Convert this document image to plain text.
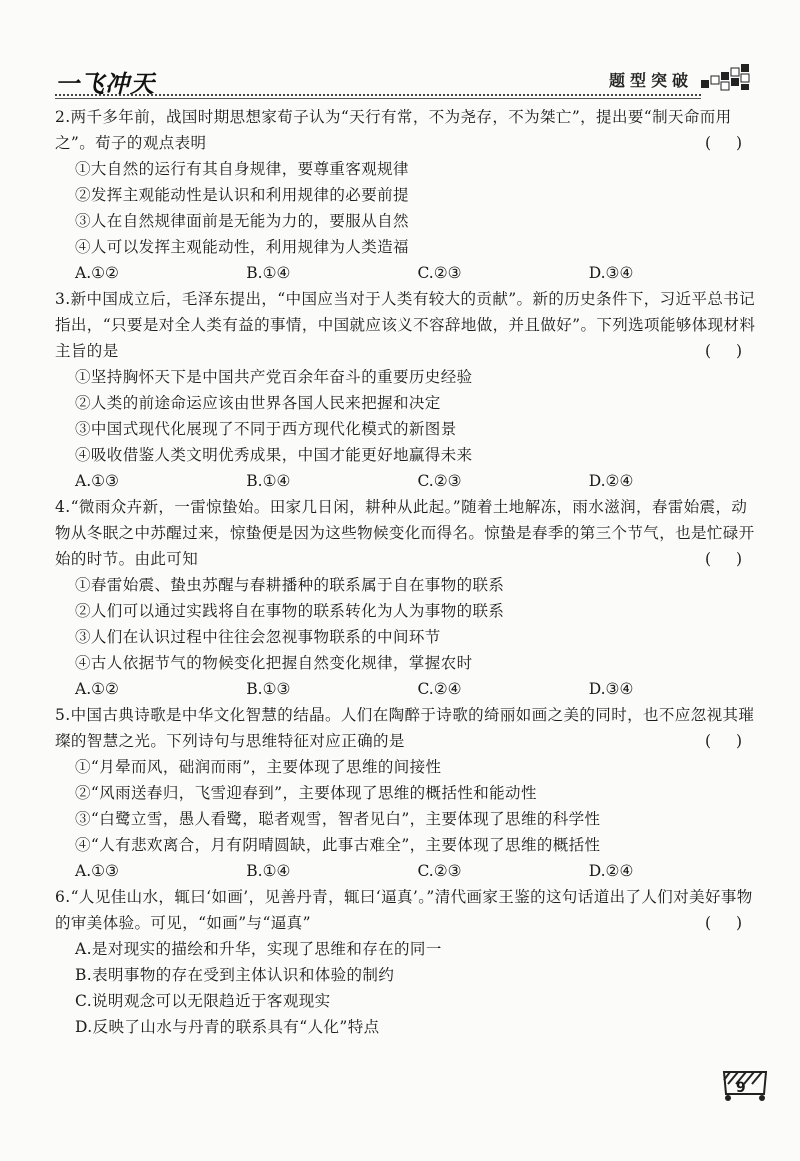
一飞冲天	题型突破
2.两千多年前，战国时期思想家荀子认为“天行有常，不为尧存，不为桀亡”，提出要“制天命而用之”。荀子的观点表明	( )
①大自然的运行有其自身规律，要尊重客观规律
②发挥主观能动性是认识和利用规律的必要前提
③人在自然规律面前是无能为力的，要服从自然
④人可以发挥主观能动性，利用规律为人类造福
A.①②	B.①④	C.②③	D.③④
3.新中国成立后，毛泽东提出，“中国应当对于人类有较大的贡献”。新的历史条件下，习近平总书记指出，“只要是对全人类有益的事情，中国就应该义不容辞地做，并且做好”。下列选项能够体现材料主旨的是	( )
①坚持胸怀天下是中国共产党百余年奋斗的重要历史经验
②人类的前途命运应该由世界各国人民来把握和决定
③中国式现代化展现了不同于西方现代化模式的新图景
④吸收借鉴人类文明优秀成果，中国才能更好地赢得未来
A.①③	B.①④	C.②③	D.②④
4.“微雨众卉新，一雷惊蛰始。田家几日闲，耕种从此起。”随着土地解冻，雨水滋润，春雷始震，动物从冬眠之中苏醒过来，惊蛰便是因为这些物候变化而得名。惊蛰是春季的第三个节气，也是忙碌开始的时节。由此可知	( )
①春雷始震、蛰虫苏醒与春耕播种的联系属于自在事物的联系
②人们可以通过实践将自在事物的联系转化为人为事物的联系
③人们在认识过程中往往会忽视事物联系的中间环节
④古人依据节气的物候变化把握自然变化规律，掌握农时
A.①②	B.①③	C.②④	D.③④
5.中国古典诗歌是中华文化智慧的结晶。人们在陶醉于诗歌的绮丽如画之美的同时，也不应忽视其璀璨的智慧之光。下列诗句与思维特征对应正确的是	( )
①“月晕而风，础润而雨”，主要体现了思维的间接性
②“风雨送春归，飞雪迎春到”，主要体现了思维的概括性和能动性
③“白鹭立雪，愚人看鹭，聪者观雪，智者见白”，主要体现了思维的科学性
④“人有悲欢离合，月有阴晴圆缺，此事古难全”，主要体现了思维的概括性
A.①③	B.①④	C.②③	D.②④
6.“人见佳山水，辄曰‘如画’，见善丹青，辄曰‘逼真’。”清代画家王鉴的这句话道出了人们对美好事物的审美体验。可见，“如画”与“逼真”	( )
A.是对现实的描绘和升华，实现了思维和存在的同一
B.表明事物的存在受到主体认识和体验的制约
C.说明观念可以无限趋近于客观现实
D.反映了山水与丹青的联系具有“人化”特点
9
